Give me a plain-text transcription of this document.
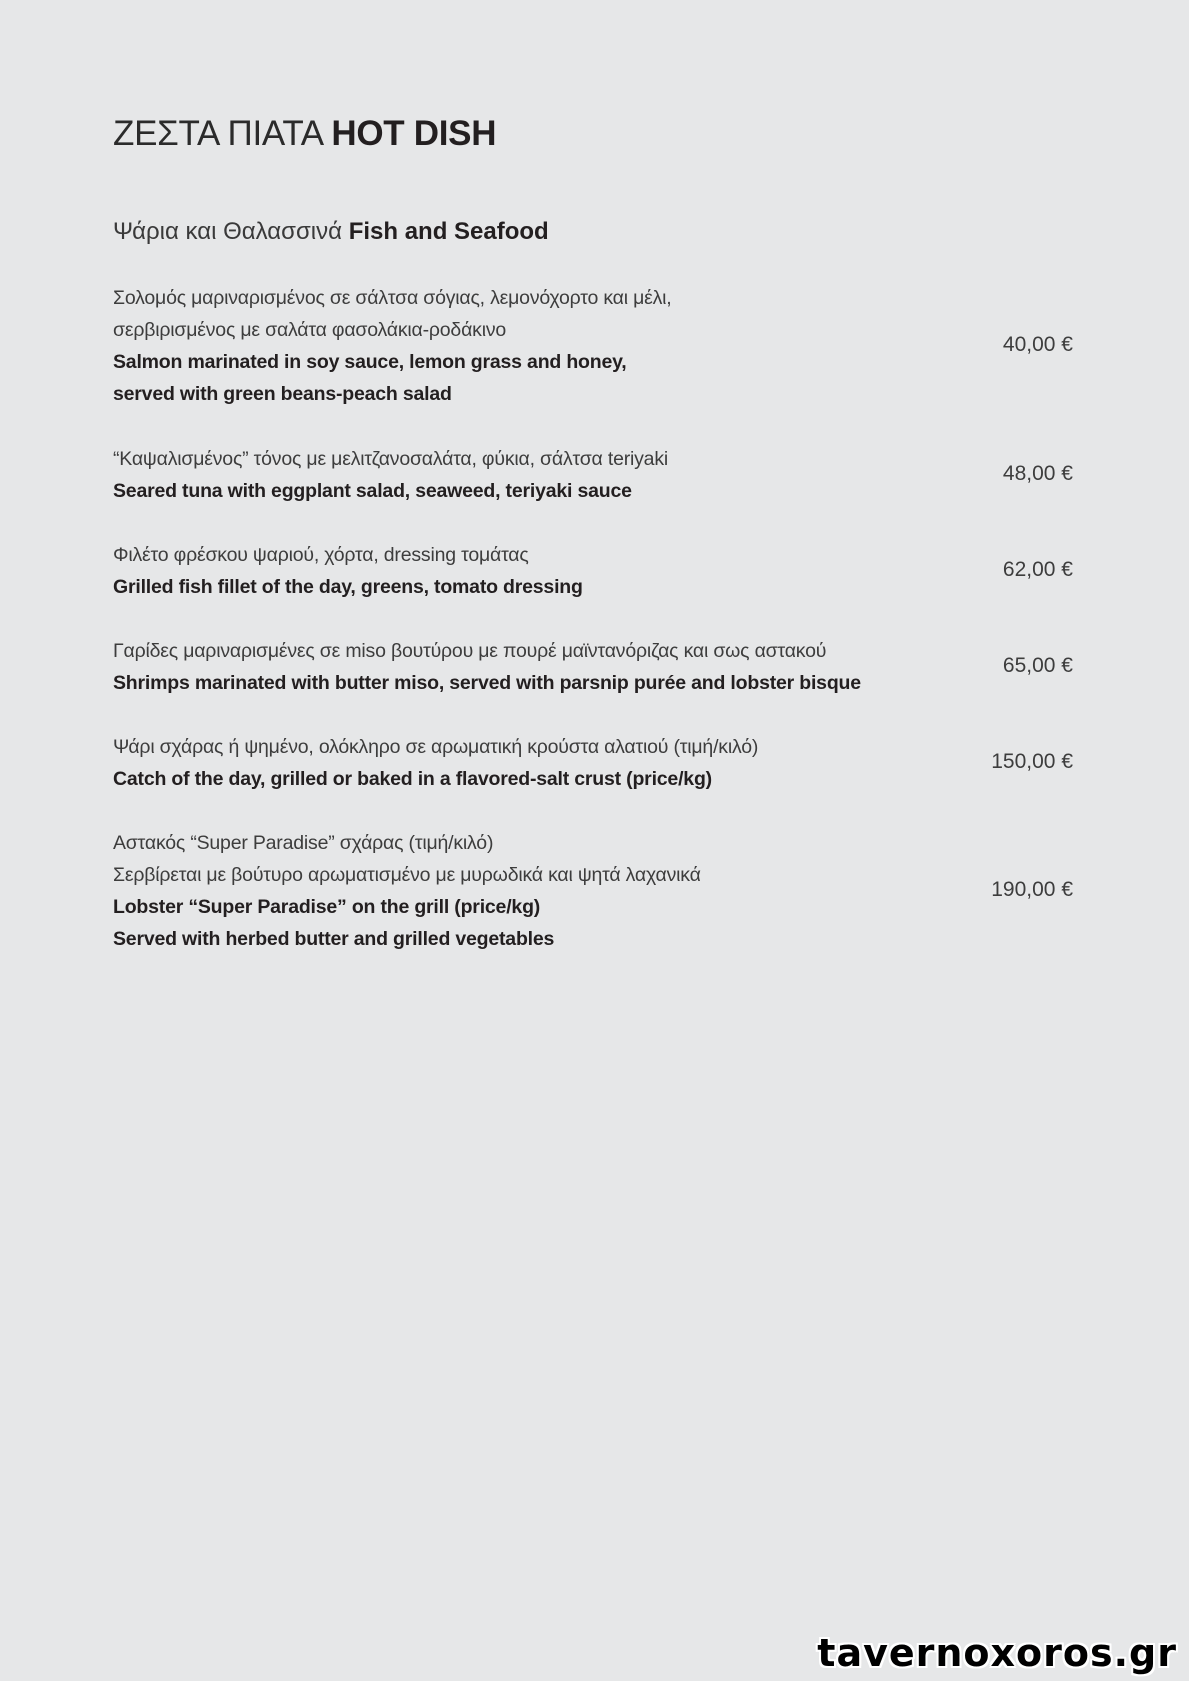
ΖΕΣΤΑ ΠΙΑΤΑ HOT DISH
Ψάρια και Θαλασσινά Fish and Seafood
Σολομός μαριναρισμένος σε σάλτσα σόγιας, λεμονόχορτο και μέλι,
σερβιρισμένος με σαλάτα φασολάκια-ροδάκινο
Salmon marinated in soy sauce, lemon grass and honey,
served with green beans-peach salad
40,00 €
“Καψαλισμένος” τόνος με μελιτζανοσαλάτα, φύκια, σάλτσα teriyaki
Seared tuna with eggplant salad, seaweed, teriyaki sauce
48,00 €
Φιλέτο φρέσκου ψαριού, χόρτα, dressing τομάτας
Grilled fish fillet of the day, greens, tomato dressing
62,00 €
Γαρίδες μαριναρισμένες σε miso βουτύρου με πουρέ μαϊντανόριζας και σως αστακού
Shrimps marinated with butter miso, served with parsnip purée and lobster bisque
65,00 €
Ψάρι σχάρας ή ψημένο, ολόκληρο σε αρωματική κρούστα αλατιού (τιμή/κιλό)
Catch of the day, grilled or baked in a flavored-salt crust (price/kg)
150,00 €
Αστακός “Super Paradise” σχάρας (τιμή/κιλό)
Σερβίρεται με βούτυρο αρωματισμένο με μυρωδικά και ψητά λαχανικά
Lobster “Super Paradise” on the grill (price/kg)
Served with herbed butter and grilled vegetables
190,00 €
tavernoxoros.gr
